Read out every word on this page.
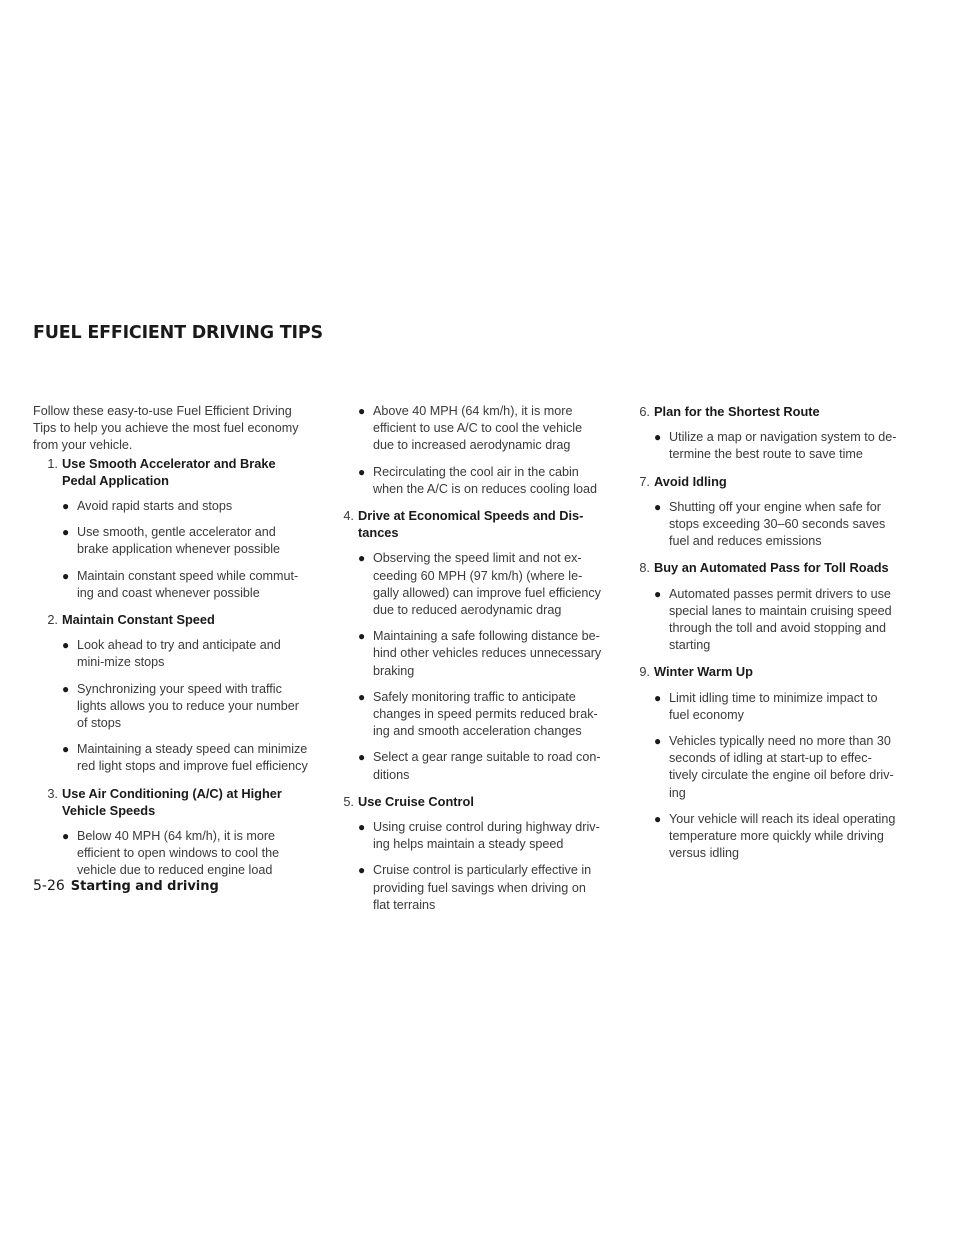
FUEL EFFICIENT DRIVING TIPS

Follow these easy-to-use Fuel Efficient Driving Tips to help you achieve the most fuel economy from your vehicle.

1. Use Smooth Accelerator and Brake Pedal Application
● Avoid rapid starts and stops
● Use smooth, gentle accelerator and brake application whenever possible
● Maintain constant speed while commut-ing and coast whenever possible
2. Maintain Constant Speed
● Look ahead to try and anticipate and mini-mize stops
● Synchronizing your speed with traffic lights allows you to reduce your number of stops
● Maintaining a steady speed can minimize red light stops and improve fuel efficiency
3. Use Air Conditioning (A/C) at Higher Vehicle Speeds
● Below 40 MPH (64 km/h), it is more efficient to open windows to cool the vehicle due to reduced engine load
● Above 40 MPH (64 km/h), it is more efficient to use A/C to cool the vehicle due to increased aerodynamic drag
● Recirculating the cool air in the cabin when the A/C is on reduces cooling load
4. Drive at Economical Speeds and Dis-tances
● Observing the speed limit and not ex-ceeding 60 MPH (97 km/h) (where le-gally allowed) can improve fuel efficiency due to reduced aerodynamic drag
● Maintaining a safe following distance be-hind other vehicles reduces unnecessary braking
● Safely monitoring traffic to anticipate changes in speed permits reduced brak-ing and smooth acceleration changes
● Select a gear range suitable to road con-ditions
5. Use Cruise Control
● Using cruise control during highway driv-ing helps maintain a steady speed
● Cruise control is particularly effective in providing fuel savings when driving on flat terrains
6. Plan for the Shortest Route
● Utilize a map or navigation system to de-termine the best route to save time
7. Avoid Idling
● Shutting off your engine when safe for stops exceeding 30–60 seconds saves fuel and reduces emissions
8. Buy an Automated Pass for Toll Roads
● Automated passes permit drivers to use special lanes to maintain cruising speed through the toll and avoid stopping and starting
9. Winter Warm Up
● Limit idling time to minimize impact to fuel economy
● Vehicles typically need no more than 30 seconds of idling at start-up to effec-tively circulate the engine oil before driv-ing
● Your vehicle will reach its ideal operating temperature more quickly while driving versus idling
5-26 Starting and driving
